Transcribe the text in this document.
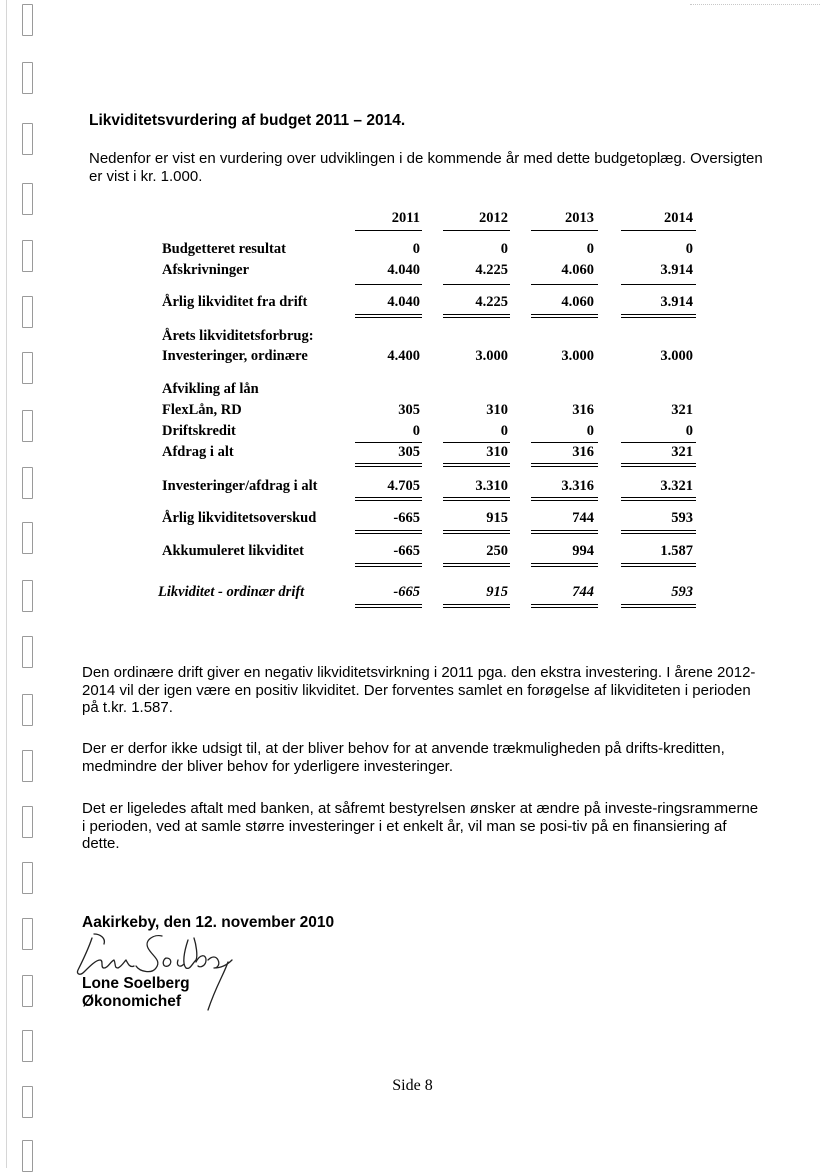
Likviditetsvurdering af budget 2011 – 2014.
Nedenfor er vist en vurdering over udviklingen i de kommende år med dette budgetoplæg. Oversigten er vist i kr. 1.000.
2011	2012	2013	2014
Budgetteret resultat	0	0	0	0
Afskrivninger	4.040	4.225	4.060	3.914
Årlig likviditet fra drift	4.040	4.225	4.060	3.914
Årets likviditetsforbrug:
Investeringer, ordinære	4.400	3.000	3.000	3.000
Afvikling af lån
FlexLån, RD	305	310	316	321
Driftskredit	0	0	0	0
Afdrag i alt	305	310	316	321
Investeringer/afdrag i alt	4.705	3.310	3.316	3.321
Årlig likviditetsoverskud	-665	915	744	593
Akkumuleret likviditet	-665	250	994	1.587
Likviditet - ordinær drift	-665	915	744	593
Den ordinære drift giver en negativ likviditetsvirkning i 2011 pga. den ekstra investering. I årene 2012-2014 vil der igen være en positiv likviditet. Der forventes samlet en forøgelse af likviditeten i perioden på t.kr. 1.587.
Der er derfor ikke udsigt til, at der bliver behov for at anvende trækmuligheden på drifts-kreditten, medmindre der bliver behov for yderligere investeringer.
Det er ligeledes aftalt med banken, at såfremt bestyrelsen ønsker at ændre på investe-ringsrammerne i perioden, ved at samle større investeringer i et enkelt år, vil man se posi-tiv på en finansiering af dette.
Aakirkeby, den 12. november 2010
Lone Soelberg
Økonomichef
Side 8
